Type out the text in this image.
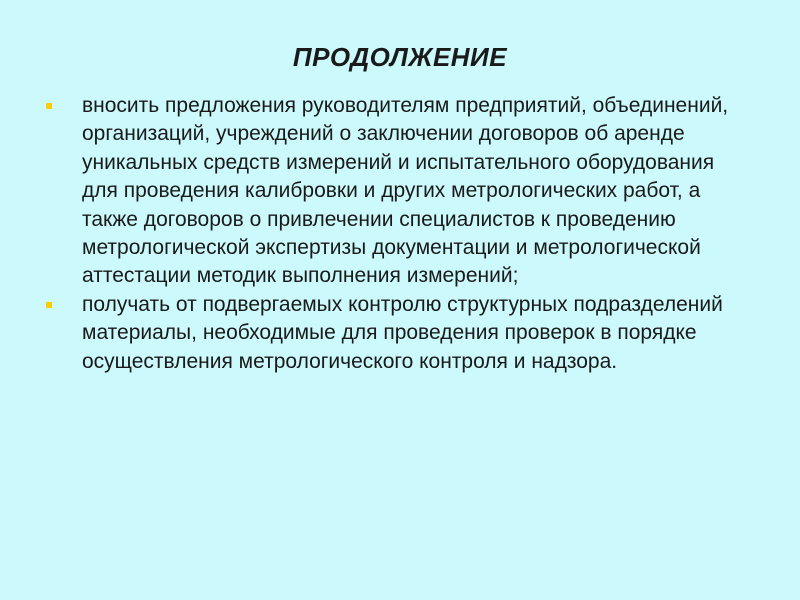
ПРОДОЛЖЕНИЕ
вносить предложения руководителям предприятий, объединений, организаций, учреждений о заключении договоров об аренде уникальных средств измерений и испытательного оборудования для проведения калибровки и других метрологических работ, а также договоров о привлечении специалистов к проведению метрологической экспертизы документации и метрологической аттестации методик выполнения измерений;
получать от подвергаемых контролю структурных подразделений материалы, необходимые для проведения проверок в порядке осуществления метрологического контроля и надзора.
